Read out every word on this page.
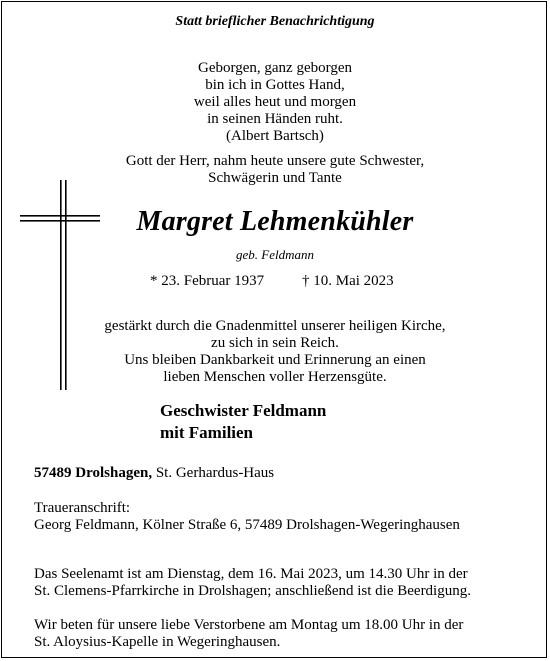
Statt brieflicher Benachrichtigung
Geborgen, ganz geborgen
bin ich in Gottes Hand,
weil alles heut und morgen
in seinen Händen ruht.
(Albert Bartsch)
Gott der Herr, nahm heute unsere gute Schwester,
Schwägerin und Tante
Margret Lehmenkühler
geb. Feldmann
* 23. Februar 1937	† 10. Mai 2023
gestärkt durch die Gnadenmittel unserer heiligen Kirche,
zu sich in sein Reich.
Uns bleiben Dankbarkeit und Erinnerung an einen
lieben Menschen voller Herzensgüte.
Geschwister Feldmann
mit Familien
57489 Drolshagen, St. Gerhardus-Haus
Traueranschrift:
Georg Feldmann, Kölner Straße 6, 57489 Drolshagen-Wegeringhausen
Das Seelenamt ist am Dienstag, dem 16. Mai 2023, um 14.30 Uhr in der
St. Clemens-Pfarrkirche in Drolshagen; anschließend ist die Beerdigung.
Wir beten für unsere liebe Verstorbene am Montag um 18.00 Uhr in der
St. Aloysius-Kapelle in Wegeringhausen.
